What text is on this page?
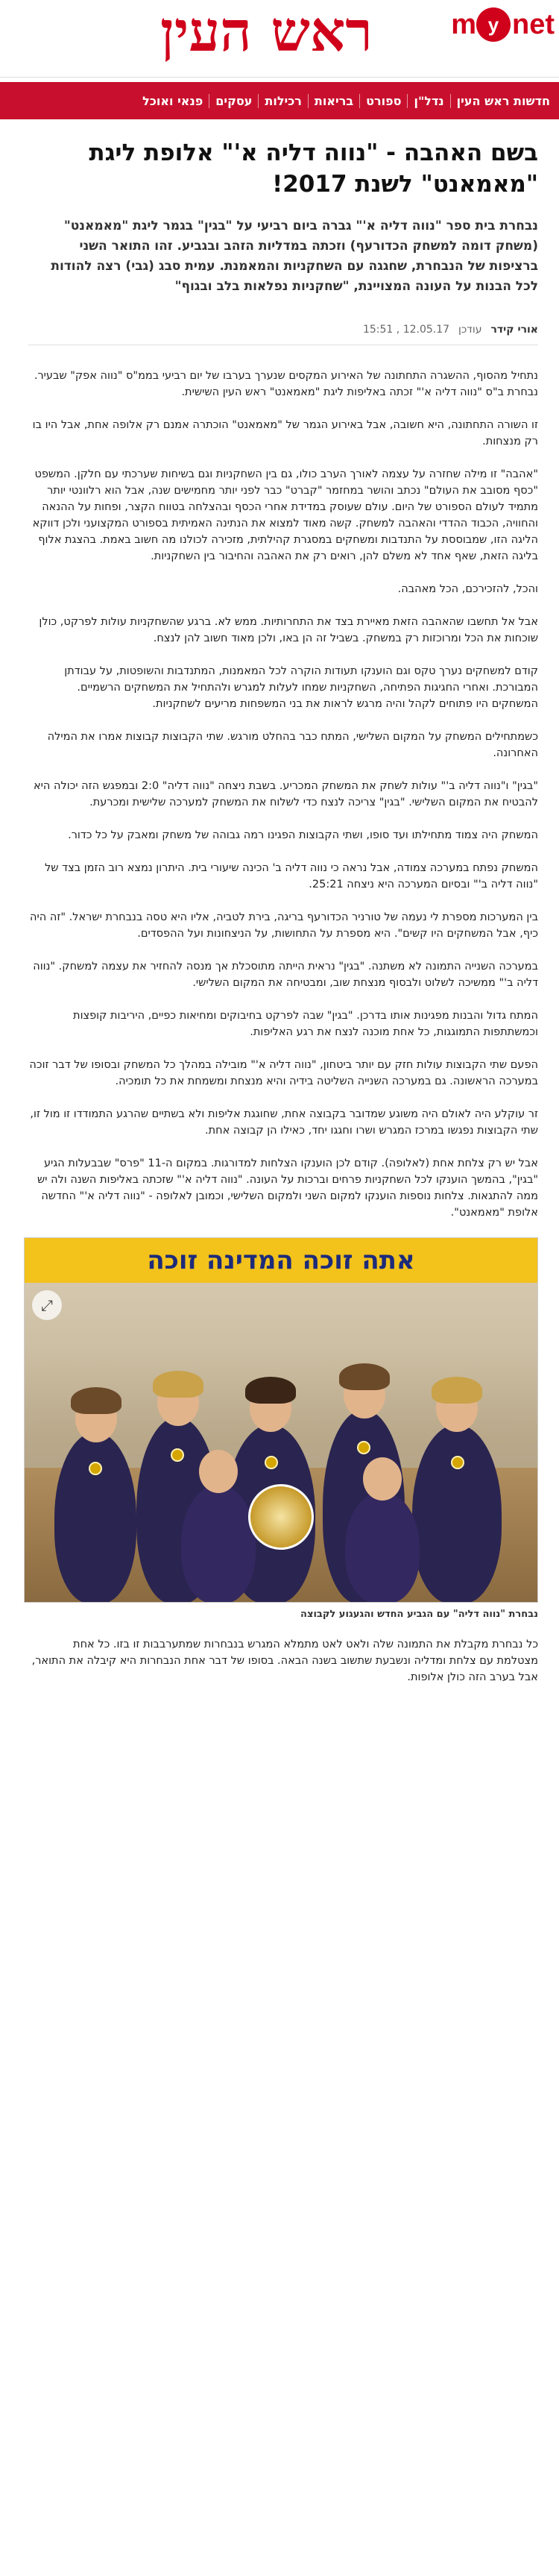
ראש העין	m y net
חדשות ראש העין
נדל"ן
ספורט
בריאות
רכילות
עסקים
פנאי ואוכל
בשם האהבה - "נווה דליה א'" אלופת ליגת "מאמאנט" לשנת 2017!
נבחרת בית ספר "נווה דליה א'" גברה ביום רביעי על "בגין" בגמר ליגת "מאמאנט" (משחק דומה למשחק הכדורעף) וזכתה במדליות הזהב ובגביע. זהו התואר השני ברציפות של הנבחרת, שחגגה עם השחקניות והמאמנת. עמית סבג (גבי) רצה להודות לכל הבנות על העונה המצויינת, "שחקניות נפלאות בלב ובגוף"
אורי קידר
עודכן
12.05.17 , 15:51

נתחיל מהסוף, ההשגרה התחתונה של האירוע המקסים שנערך בערבו של יום רביעי בממ"ס "נווה אפק" שבעיר. נבחרת ב"ס "נווה דליה א'" זכתה באליפות ליגת "מאמאנט" ראש העין השישית.

זו השורה התחתונה, היא חשובה, אבל באירוע הגמר של "מאמאנט" הוכתרה אמנם רק אלופה אחת, אבל היו בו רק מנצחות.

"אהבה" זו מילה שחזרה על עצמה לאורך הערב כולו, גם בין השחקניות וגם בשיחות שערכתי עם חלקן. המשפט "כסף מסובב את העולם" נכתב והושר במחזמר "קברט" כבר לפני יותר מחמישים שנה, אבל הוא רלוונטי יותר מתמיד לעולם הספורט של היום. עולם שעוסק במדידת אחרי הכסף ובהצלחה בטווח הקצר, ופחות על ההנאה והחוויה, הכבוד ההדדי והאהבה למשחק. קשה מאוד למצוא את הנתינה האמיתית בספורט המקצועני ולכן דווקא הליגה הזו, שמבוססת על התנדבות ומשחקים במסגרת קהילתית, מזכירה לכולנו מה חשוב באמת. בהצגת אלוף בליגה הזאת, שאף אחד לא משלם להן, רואים רק את האהבה והחיבור בין השחקניות.

והכל, להזכירכם, הכל מאהבה.

אבל אל תחשבו שהאהבה הזאת מאיירת בצד את התחרותיות. ממש לא. ברגע שהשחקניות עולות לפרקט, כולן שוכחות את הכל ומרוכזות רק במשחק. בשביל זה הן באו, ולכן מאוד חשוב להן לנצח.

קודם למשחקים נערך טקס וגם הוענקו תעודות הוקרה לכל המאמנות, המתנדבות והשופטות, על עבודתן המבורכת. ואחרי החגיגות הפתיחה, השחקניות שמחו לעלות למגרש ולהתחיל את המשחקים הרשמיים. המשחקים היו פתוחים לקהל והיה מרגש לראות את בני המשפחות מריעים לשחקניות.

כשמתחילים המשחק על המקום השלישי, המתח כבר בהחלט מורגש. שתי הקבוצות קבוצות אמרו את המילה האחרונה.

"בגין" ו"נווה דליה ב'" עולות לשחק את המשחק המכריע. בשבת ניצחה "נווה דליה" 2:0 ובמפגש הזה יכולה היא להבטיח את המקום השלישי. "בגין" צריכה לנצח כדי לשלוח את המשחק למערכה שלישית ומכרעת.

המשחק היה צמוד מתחילתו ועד סופו, ושתי הקבוצות הפגינו רמה גבוהה של משחק ומאבק על כל כדור.

המשחק נפתח במערכה צמודה, אבל נראה כי נווה דליה ב' הכינה שיעורי בית. היתרון נמצא רוב הזמן בצד של "נווה דליה ב'" ובסיום המערכה היא ניצחה 25:21.

בין המערכות מספרת לי נעמה של טורניר הכדורעף בריגה, בירת לטביה, אליו היא טסה בנבחרת ישראל. "זה היה כיף, אבל המשחקים היו קשים". היא מספרת על התחושות, על הניצחונות ועל ההפסדים.

במערכה השנייה התמונה לא משתנה. "בגין" נראית הייתה מתוסכלת אך מנסה להחזיר את עצמה למשחק. "נווה דליה ב'" ממשיכה לשלוט ולבסוף מנצחת שוב, ומבטיחה את המקום השלישי.

המתח גדול והבנות מפגינות אותו בדרכן. "בגין" שבה לפרקט בחיבוקים ומחיאות כפיים, היריבות קופצות וכמשתתפות התמוגגות, כל אחת מוכנה לנצח את רגע האליפות.

הפעם שתי הקבוצות עולות חזק עם יותר ביטחון, "נווה דליה א'" מובילה במהלך כל המשחק ובסופו של דבר זוכה במערכה הראשונה. גם במערכה השנייה השליטה בידיה והיא מנצחת ומשמחת את כל תומכיה.

זר עוקלע היה לאולם היה משוגע שמדובר בקבוצה אחת, שחוגגת אליפות ולא בשתיים שהרגע התמודדו זו מול זו, שתי הקבוצות נפגשו במרכז המגרש ושרו וחגגו יחד, כאילו הן קבוצה אחת.

אבל יש רק צלחת אחת (לאלופה). קודם לכן הוענקו הצלחות למדורגות. במקום ה-11 "פרס" שבבעלות הגיע "בגין", בהמשך הוענקו לכל השחקניות פרחים וברכות על העונה. "נווה דליה א'" שזכתה באליפות השנה ולה יש ממה להתגאות. צלחות נוספות הוענקו למקום השני ולמקום השלישי, וכמובן לאלופה - "נווה דליה א'" החדשה אלופת "מאמאנט".

אתה זוכה המדינה זוכה
⤢
נבחרת "נווה דליה" עם הגביע החדש והגעגוע לקבוצה

כל נבחרת מקבלת את התמונה שלה ולאט לאט מתמלא המגרש בנבחרות שמתערבבות זו בזו. כל אחת מצטלמת עם צלחת ומדליה ונשבעת שתשוב בשנה הבאה. בסופו של דבר אחת הנבחרות היא קיבלה את התואר, אבל בערב הזה כולן אלופות.
